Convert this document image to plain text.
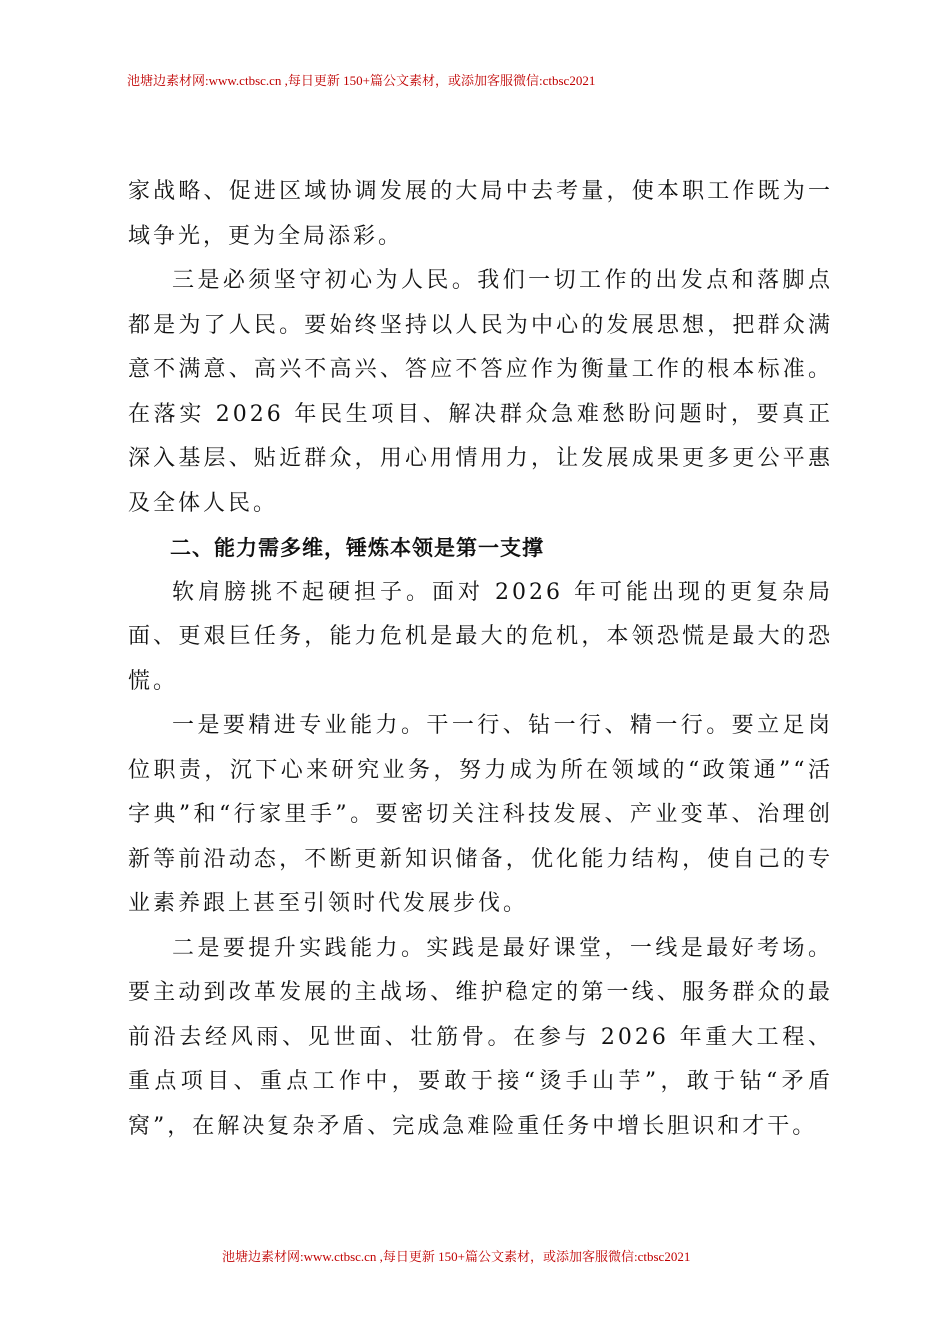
池塘边素材网:www.ctbsc.cn ,每日更新 150+篇公文素材，或添加客服微信:ctbsc2021

家战略、促进区域协调发展的大局中去考量，使本职工作既为一域争光，更为全局添彩。

三是必须坚守初心为人民。我们一切工作的出发点和落脚点都是为了人民。要始终坚持以人民为中心的发展思想，把群众满意不满意、高兴不高兴、答应不答应作为衡量工作的根本标准。在落实 2026 年民生项目、解决群众急难愁盼问题时，要真正深入基层、贴近群众，用心用情用力，让发展成果更多更公平惠及全体人民。

二、能力需多维，锤炼本领是第一支撑

软肩膀挑不起硬担子。面对 2026 年可能出现的更复杂局面、更艰巨任务，能力危机是最大的危机，本领恐慌是最大的恐慌。

一是要精进专业能力。干一行、钻一行、精一行。要立足岗位职责，沉下心来研究业务，努力成为所在领域的“政策通”“活字典”和“行家里手”。要密切关注科技发展、产业变革、治理创新等前沿动态，不断更新知识储备，优化能力结构，使自己的专业素养跟上甚至引领时代发展步伐。

二是要提升实践能力。实践是最好课堂，一线是最好考场。要主动到改革发展的主战场、维护稳定的第一线、服务群众的最前沿去经风雨、见世面、壮筋骨。在参与 2026 年重大工程、重点项目、重点工作中，要敢于接“烫手山芋”，敢于钻“矛盾窝”，在解决复杂矛盾、完成急难险重任务中增长胆识和才干。

池塘边素材网:www.ctbsc.cn ,每日更新 150+篇公文素材，或添加客服微信:ctbsc2021
